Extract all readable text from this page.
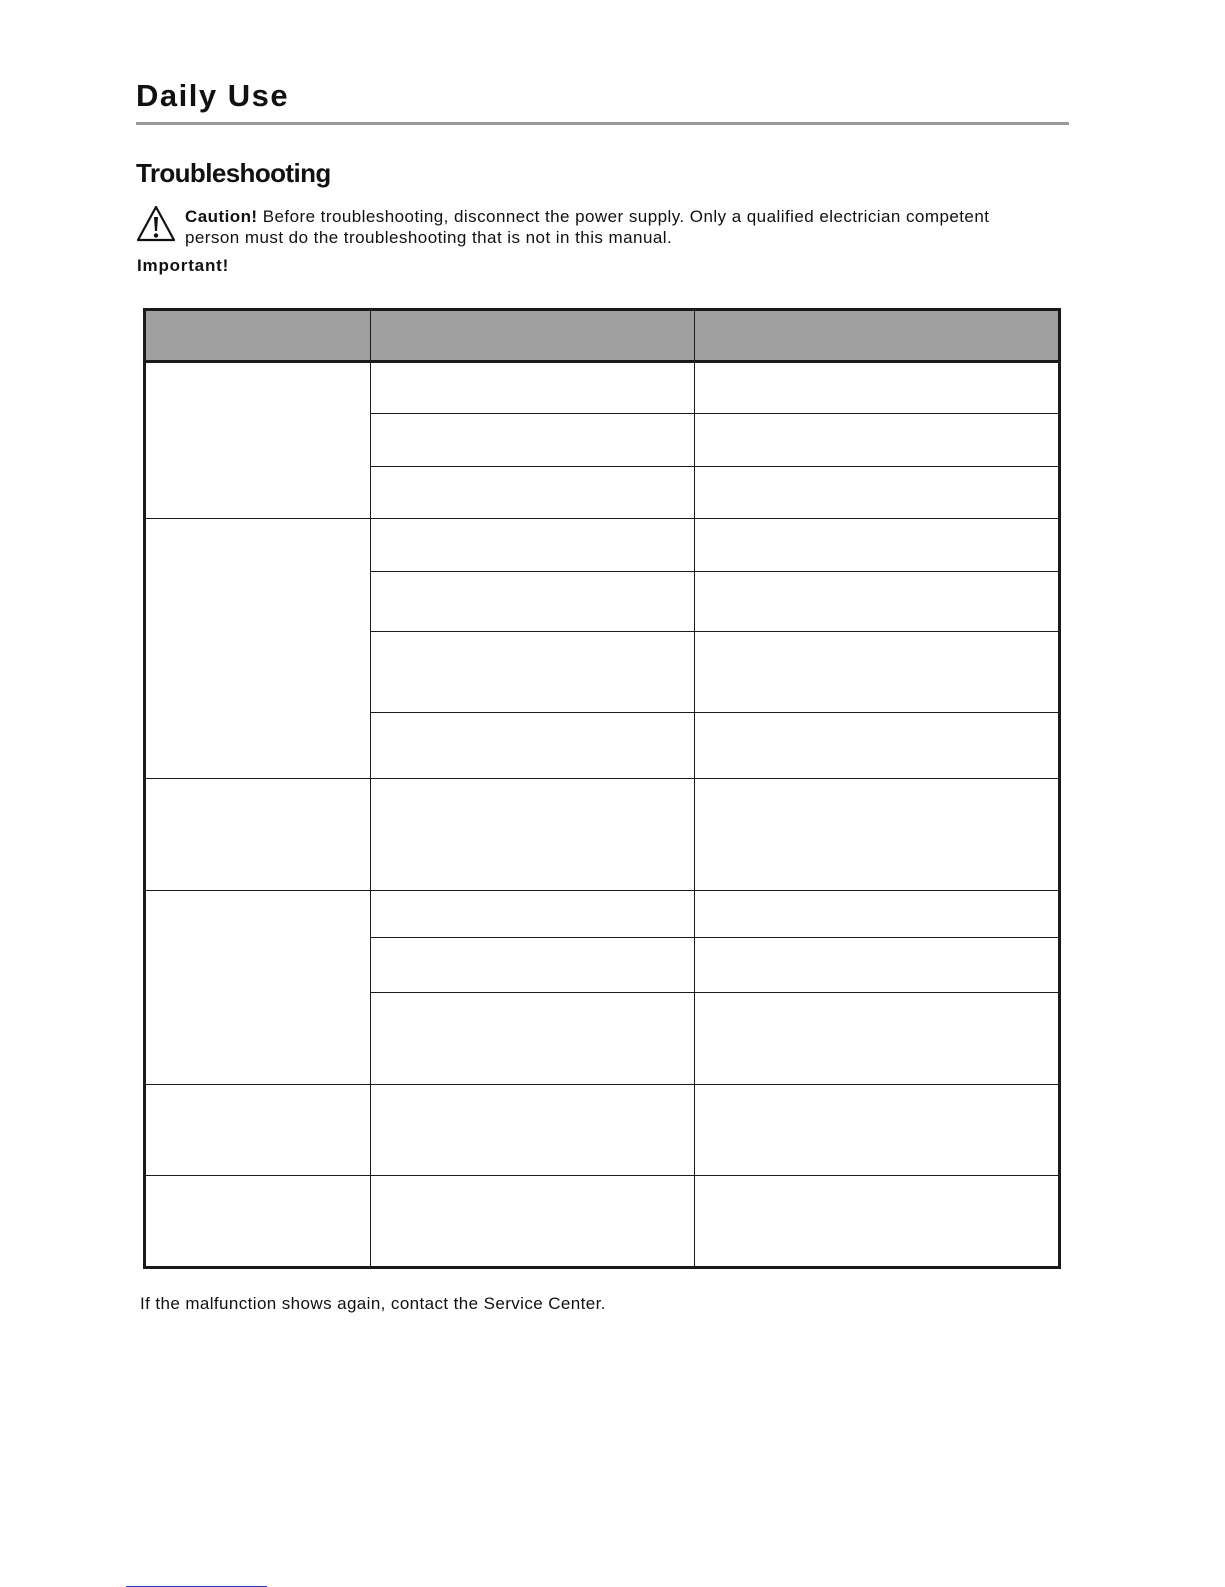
Daily Use
Troubleshooting
Caution! Before troubleshooting, disconnect the power supply. Only a qualified electrician competent person must do the troubleshooting that is not in this manual.
Important!

If the malfunction shows again, contact the Service Center.
